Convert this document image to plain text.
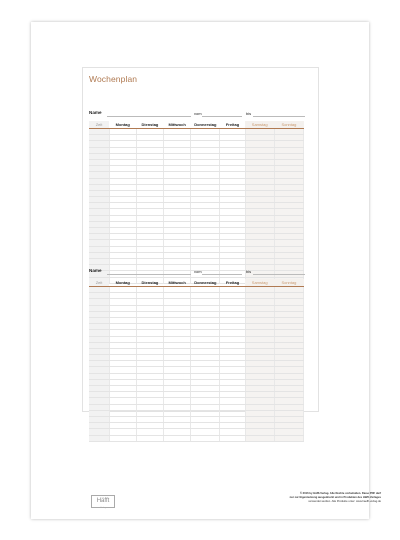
Wochenplan
Name	vom	bis
Zeit	Montag	Dienstag	Mittwoch	Donnerstag	Freitag	Samstag	Sonntag

Name	vom	bis
Zeit	Montag	Dienstag	Mittwoch	Donnerstag	Freitag	Samstag	Sonntag

Häfft
Verlag
© 2016 by Häfft-Verlag. Alle Rechte vorbehalten. Diese PDF darf
nur zur Eigennutzung ausgedruckt und in Produkten des Häfft-Verlages
verwendet werden. Alle Produkte unter: www.haefft-verlag.de
